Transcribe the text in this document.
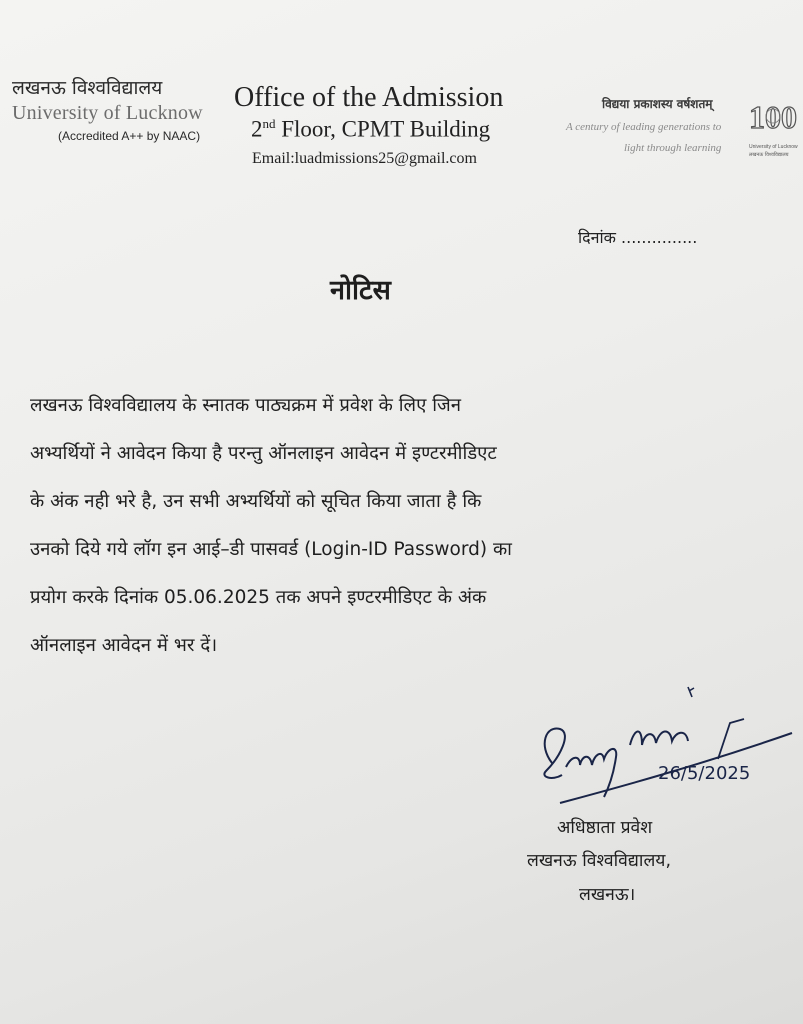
लखनऊ विश्वविद्यालय
University of Lucknow
(Accredited A++ by NAAC)
Office of the Admission
2nd Floor, CPMT Building
Email:luadmissions25@gmail.com
विद्यया प्रकाशस्य वर्षशतम्
A century of leading generations to
light through learning
100
University of Lucknow
लखनऊ विश्वविद्यालय
दिनांक ...............
नोटिस
लखनऊ विश्वविद्यालय के स्नातक पाठ्यक्रम में प्रवेश के लिए जिन
अभ्यर्थियों ने आवेदन किया है परन्तु ऑनलाइन आवेदन में इण्टरमीडिएट
के अंक नही भरे है, उन सभी अभ्यर्थियों को सूचित किया जाता है कि
उनको दिये गये लॉग इन आई–डी पासवर्ड (Login-ID Password) का
प्रयोग करके दिनांक 05.06.2025 तक अपने इण्टरमीडिएट के अंक
ऑनलाइन आवेदन में भर दें।
26/5/2025
Pankaj Nain
अधिष्ठाता प्रवेश
लखनऊ विश्वविद्यालय,
लखनऊ।
